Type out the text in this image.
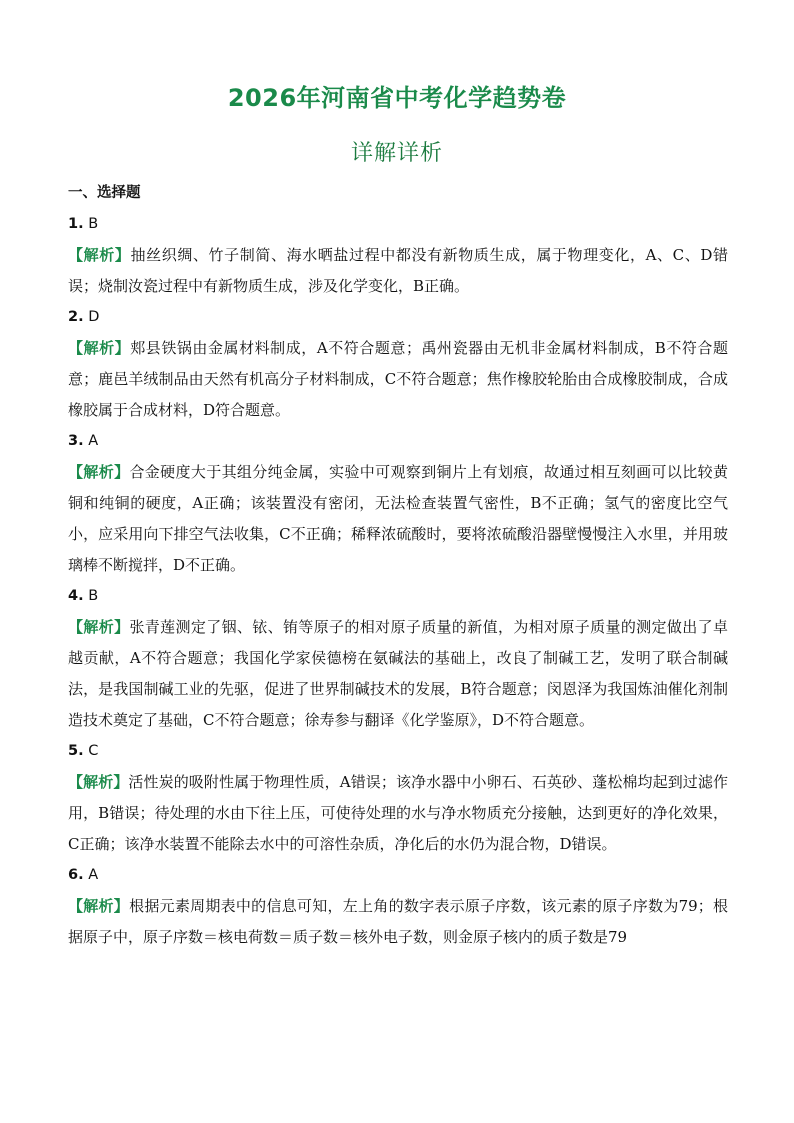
2026年河南省中考化学趋势卷
详解详析
一、选择题
1. B
【解析】抽丝织绸、竹子制简、海水晒盐过程中都没有新物质生成，属于物理变化，A、C、D错误；烧制汝瓷过程中有新物质生成，涉及化学变化，B正确。
2. D
【解析】郏县铁锅由金属材料制成，A不符合题意；禹州瓷器由无机非金属材料制成，B不符合题意；鹿邑羊绒制品由天然有机高分子材料制成，C不符合题意；焦作橡胶轮胎由合成橡胶制成，合成橡胶属于合成材料，D符合题意。
3. A
【解析】合金硬度大于其组分纯金属，实验中可观察到铜片上有划痕，故通过相互刻画可以比较黄铜和纯铜的硬度，A正确；该装置没有密闭，无法检查装置气密性，B不正确；氢气的密度比空气小，应采用向下排空气法收集，C不正确；稀释浓硫酸时，要将浓硫酸沿器壁慢慢注入水里，并用玻璃棒不断搅拌，D不正确。
4. B
【解析】张青莲测定了铟、铱、铕等原子的相对原子质量的新值，为相对原子质量的测定做出了卓越贡献，A不符合题意；我国化学家侯德榜在氨碱法的基础上，改良了制碱工艺，发明了联合制碱法，是我国制碱工业的先驱，促进了世界制碱技术的发展，B符合题意；闵恩泽为我国炼油催化剂制造技术奠定了基础，C不符合题意；徐寿参与翻译《化学鉴原》，D不符合题意。
5. C
【解析】活性炭的吸附性属于物理性质，A错误；该净水器中小卵石、石英砂、蓬松棉均起到过滤作用，B错误；待处理的水由下往上压，可使待处理的水与净水物质充分接触，达到更好的净化效果，C正确；该净水装置不能除去水中的可溶性杂质，净化后的水仍为混合物，D错误。
6. A
【解析】根据元素周期表中的信息可知，左上角的数字表示原子序数，该元素的原子序数为79；根据原子中，原子序数＝核电荷数＝质子数＝核外电子数，则金原子核内的质子数是79
